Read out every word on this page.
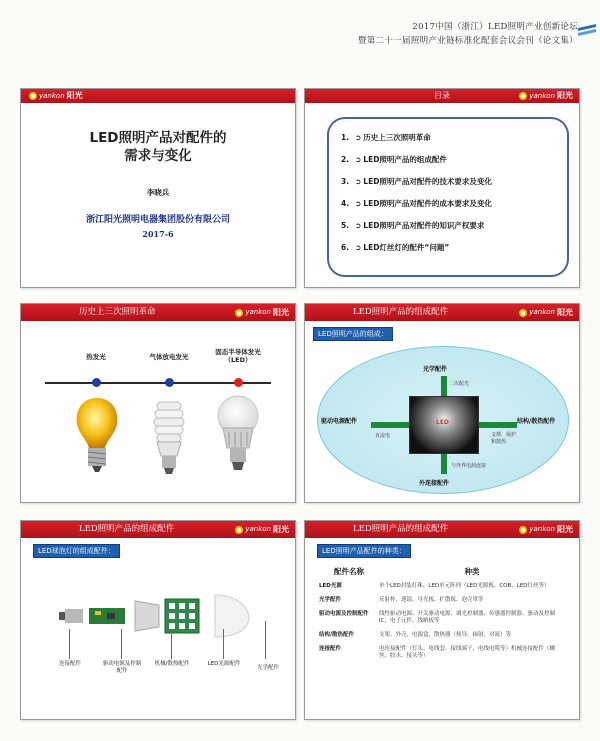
2017中国（浙江）LED照明产业创新论坛
暨第二十一届照明产业链标准化配套会议会刊（论文集）
yankon 阳光
LED照明产品对配件的
需求与变化
李晓兵
浙江阳光照明电器集团股份有限公司
2017-6
目录	yankon 阳光
1. ➲ 历史上三次照明革命
2. ➲ LED照明产品的组成配件
3. ➲ LED照明产品对配件的技术要求及变化
4. ➲ LED照明产品对配件的成本要求及变化
5. ➲ LED照明产品对配件的知识产权要求
6. ➲ LED灯丝灯的配件“问题”
历史上三次照明革命	yankon 阳光
热发光	气体放电发光
固态半导体发光
（LED）
LED照明产品的组成配件	yankon 阳光
LED照明产品的组成：
LED
光学配件
二次配光
驱动电源配件
直流电
结构/散热配件
支撑、保护
和散热
与外界电源连接
外连接配件
LED照明产品的组成配件	yankon 阳光
LED球泡灯的组成配件：
连接配件	驱动电源及控制
配件
机械/散热配件	LED光源配件
光学配件
LED照明产品的组成配件	yankon 阳光
LED照明产品配件的种类：
配件名称	种类
LED光源	单个LED封装灯珠、LED单元阵列（LED光源板、COB、LED灯丝等）
光学配件	反射杯、透镜、导光板、扩散板、泡壳罩等
驱动电源及控制配件	线性驱动电源、开关驱动电源、调光控制器、传感器控制器、驱动及控制IC、电子元件、线路板等
结构/散热配件	支架、外壳、电源盒、散热器（热导、辐射、对流）等
连接配件	电连接配件（灯头、电线套、接线端子、电线电缆等）机械连接配件（螺丝、胶水、接头等）
